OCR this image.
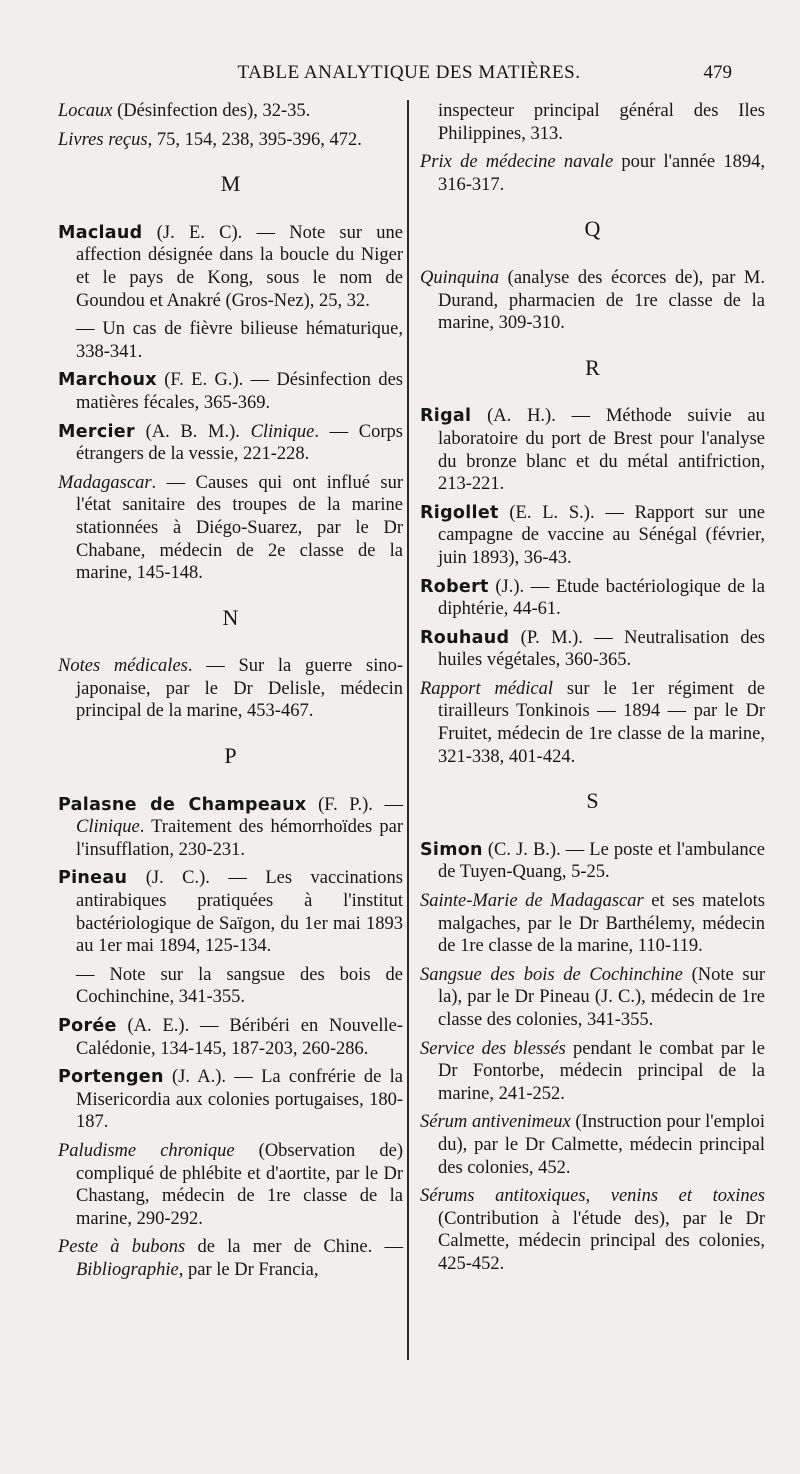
TABLE ANALYTIQUE DES MATIÈRES.	479

Locaux (Désinfection des), 32-35.

Livres reçus, 75, 154, 238, 395-396, 472.

M

Maclaud (J. E. C). — Note sur une affection désignée dans la boucle du Niger et le pays de Kong, sous le nom de Goundou et Anakré (Gros-Nez), 25, 32.

— Un cas de fièvre bilieuse hématurique, 338-341.

Marchoux (F. E. G.). — Désinfection des matières fécales, 365-369.

Mercier (A. B. M.). Clinique. — Corps étrangers de la vessie, 221-228.

Madagascar. — Causes qui ont influé sur l'état sanitaire des troupes de la marine stationnées à Diégo-Suarez, par le Dr Chabane, médecin de 2e classe de la marine, 145-148.

N

Notes médicales. — Sur la guerre sino-japonaise, par le Dr Delisle, médecin principal de la marine, 453-467.

P

Palasne de Champeaux (F. P.). — Clinique. Traitement des hémorrhoïdes par l'insufflation, 230-231.

Pineau (J. C.). — Les vaccinations antirabiques pratiquées à l'institut bactériologique de Saïgon, du 1er mai 1893 au 1er mai 1894, 125-134.

— Note sur la sangsue des bois de Cochinchine, 341-355.

Porée (A. E.). — Béribéri en Nouvelle-Calédonie, 134-145, 187-203, 260-286.

Portengen (J. A.). — La confrérie de la Misericordia aux colonies portugaises, 180-187.

Paludisme chronique (Observation de) compliqué de phlébite et d'aortite, par le Dr Chastang, médecin de 1re classe de la marine, 290-292.

Peste à bubons de la mer de Chine. — Bibliographie, par le Dr Francia,

inspecteur principal général des Iles Philippines, 313.

Prix de médecine navale pour l'année 1894, 316-317.

Q

Quinquina (analyse des écorces de), par M. Durand, pharmacien de 1re classe de la marine, 309-310.

R

Rigal (A. H.). — Méthode suivie au laboratoire du port de Brest pour l'analyse du bronze blanc et du métal antifriction, 213-221.

Rigollet (E. L. S.). — Rapport sur une campagne de vaccine au Sénégal (février, juin 1893), 36-43.

Robert (J.). — Etude bactériologique de la diphtérie, 44-61.

Rouhaud (P. M.). — Neutralisation des huiles végétales, 360-365.

Rapport médical sur le 1er régiment de tirailleurs Tonkinois — 1894 — par le Dr Fruitet, médecin de 1re classe de la marine, 321-338, 401-424.

S

Simon (C. J. B.). — Le poste et l'ambulance de Tuyen-Quang, 5-25.

Sainte-Marie de Madagascar et ses matelots malgaches, par le Dr Barthélemy, médecin de 1re classe de la marine, 110-119.

Sangsue des bois de Cochinchine (Note sur la), par le Dr Pineau (J. C.), médecin de 1re classe des colonies, 341-355.

Service des blessés pendant le combat par le Dr Fontorbe, médecin principal de la marine, 241-252.

Sérum antivenimeux (Instruction pour l'emploi du), par le Dr Calmette, médecin principal des colonies, 452.

Sérums antitoxiques, venins et toxines (Contribution à l'étude des), par le Dr Calmette, médecin principal des colonies, 425-452.
